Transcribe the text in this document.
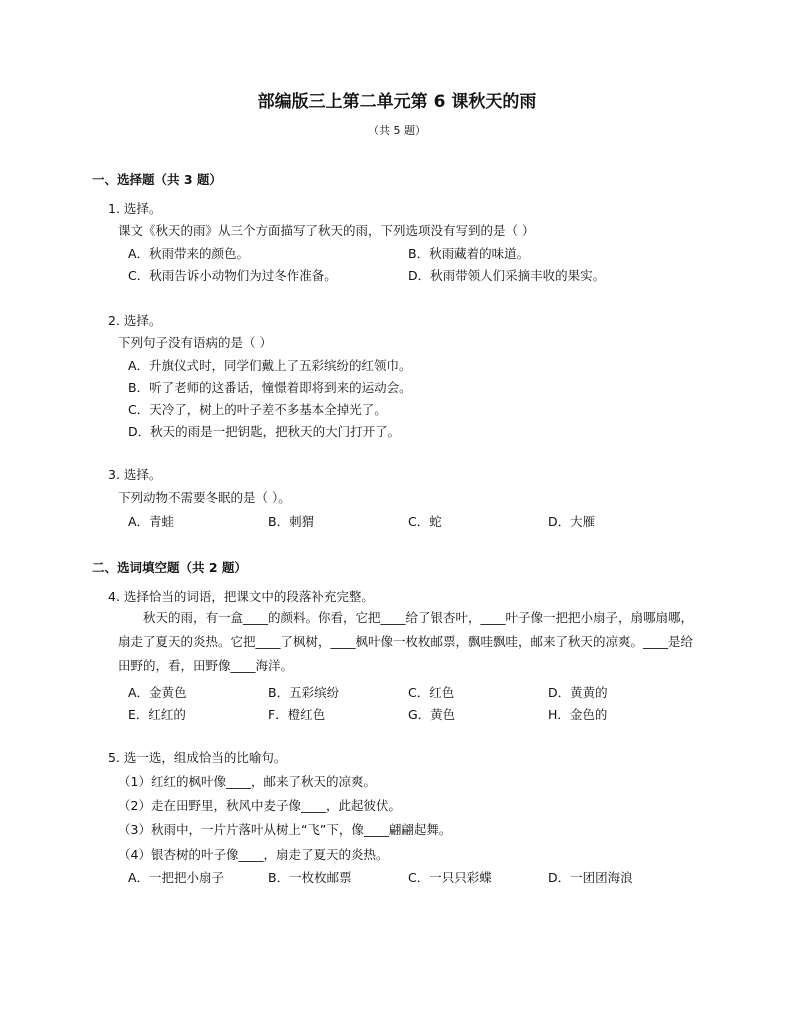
部编版三上第二单元第 6 课秋天的雨
（共 5 题）
一、选择题（共 3 题）
1. 选择。
课文《秋天的雨》从三个方面描写了秋天的雨，下列选项没有写到的是（ ）
A．秋雨带来的颜色。	B．秋雨藏着的味道。
C．秋雨告诉小动物们为过冬作准备。	D．秋雨带领人们采摘丰收的果实。
2. 选择。
下列句子没有语病的是（ ）
A．升旗仪式时，同学们戴上了五彩缤纷的红领巾。
B．听了老师的这番话，憧憬着即将到来的运动会。
C．天冷了，树上的叶子差不多基本全掉光了。
D．秋天的雨是一把钥匙，把秋天的大门打开了。
3. 选择。
下列动物不需要冬眠的是（ ）。
A．青蛙	B．刺猬	C．蛇	D．大雁
二、选词填空题（共 2 题）
4. 选择恰当的词语，把课文中的段落补充完整。
秋天的雨，有一盒____的颜料。你看，它把____给了银杏叶，____叶子像一把把小扇子，扇哪扇哪，扇走了夏天的炎热。它把____了枫树，____枫叶像一枚枚邮票，飘哇飘哇，邮来了秋天的凉爽。____是给田野的，看，田野像____海洋。
A．金黄色	B．五彩缤纷	C．红色	D．黄黄的
E．红红的	F．橙红色	G．黄色	H．金色的
5. 选一选，组成恰当的比喻句。
（1）红红的枫叶像____，邮来了秋天的凉爽。
（2）走在田野里，秋风中麦子像____，此起彼伏。
（3）秋雨中，一片片落叶从树上“飞”下，像____翩翩起舞。
（4）银杏树的叶子像____，扇走了夏天的炎热。
A．一把把小扇子	B．一枚枚邮票	C．一只只彩蝶	D．一团团海浪
